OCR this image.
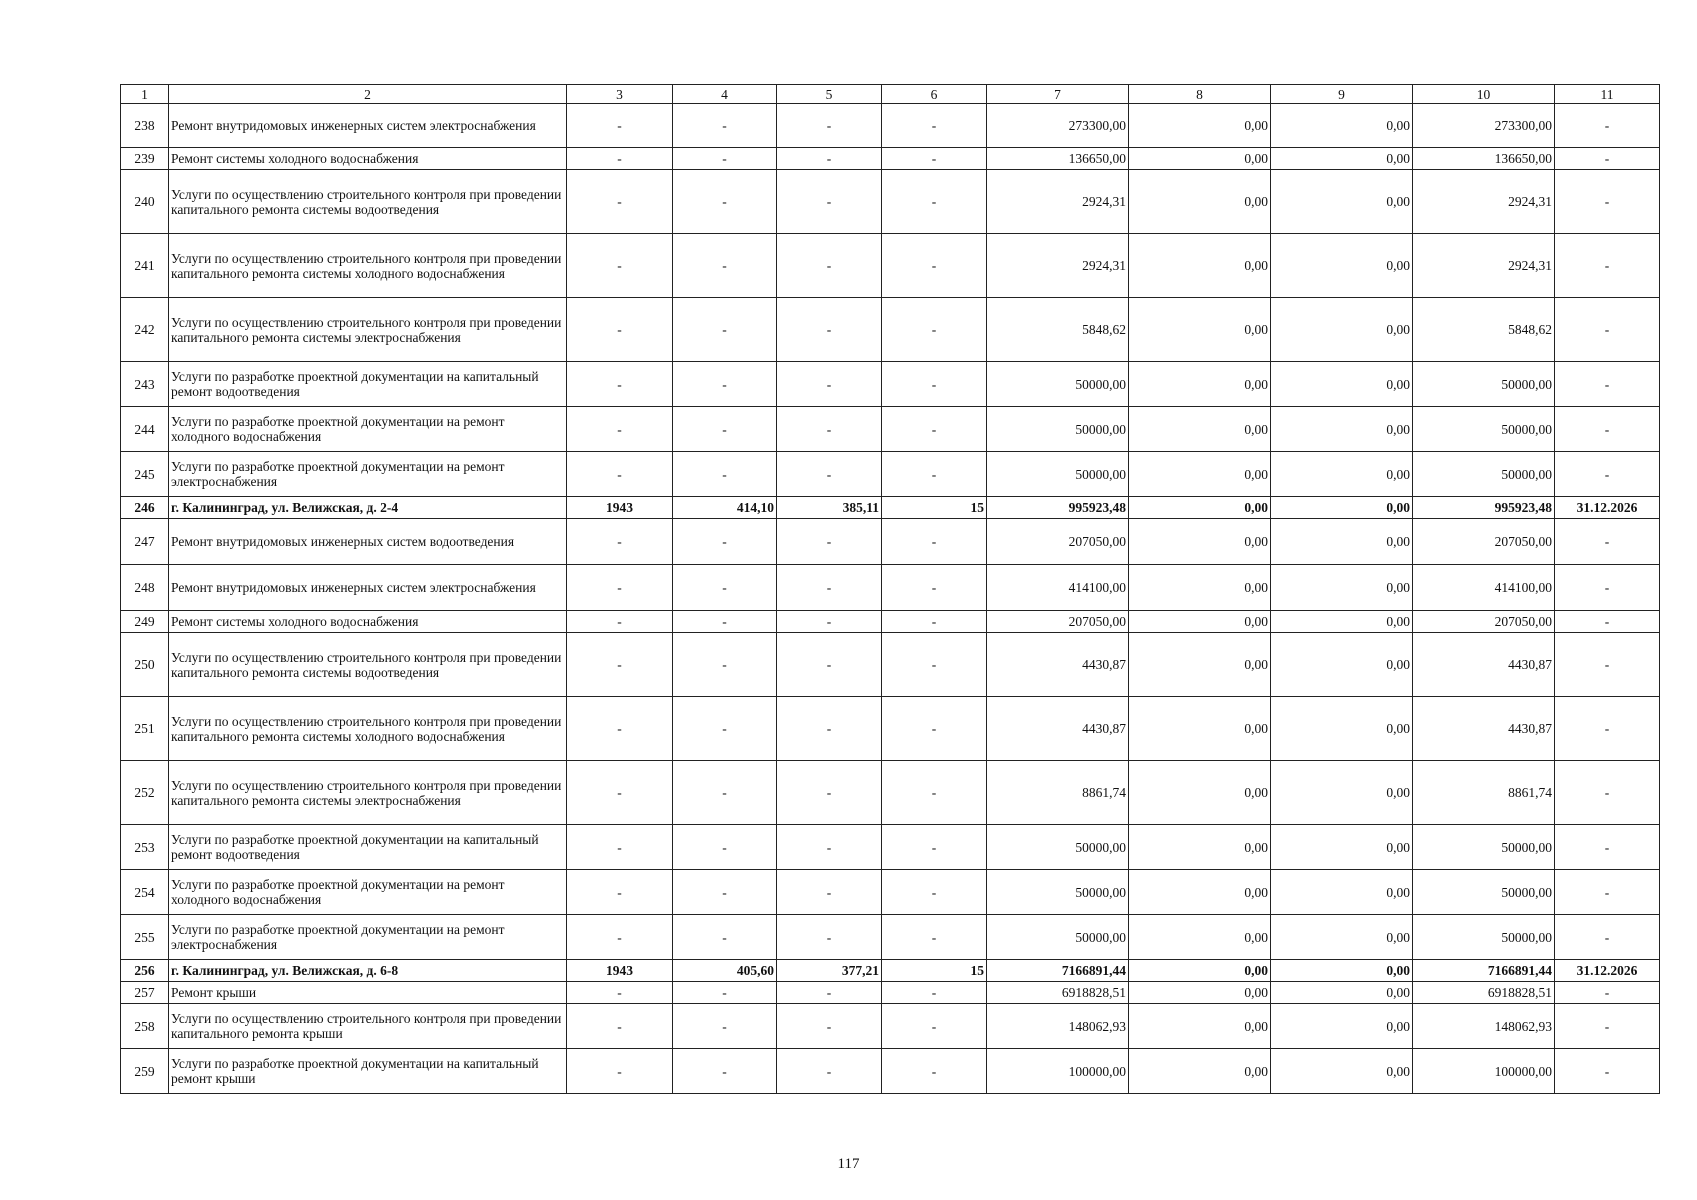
1	2	3	4	5	6	7	8	9	10	11
238	Ремонт внутридомовых инженерных систем электроснабжения	-	-	-	-	273300,00	0,00	0,00	273300,00	-
239	Ремонт системы холодного водоснабжения	-	-	-	-	136650,00	0,00	0,00	136650,00	-
240	Услуги по осуществлению строительного контроля при проведении капитального ремонта системы водоотведения	-	-	-	-	2924,31	0,00	0,00	2924,31	-
241	Услуги по осуществлению строительного контроля при проведении капитального ремонта системы холодного водоснабжения	-	-	-	-	2924,31	0,00	0,00	2924,31	-
242	Услуги по осуществлению строительного контроля при проведении капитального ремонта системы электроснабжения	-	-	-	-	5848,62	0,00	0,00	5848,62	-
243	Услуги по разработке проектной документации на капитальный ремонт водоотведения	-	-	-	-	50000,00	0,00	0,00	50000,00	-
244	Услуги по разработке проектной документации на ремонт холодного водоснабжения	-	-	-	-	50000,00	0,00	0,00	50000,00	-
245	Услуги по разработке проектной документации на ремонт электроснабжения	-	-	-	-	50000,00	0,00	0,00	50000,00	-
246	г. Калининград, ул. Велижская, д. 2-4	1943	414,10	385,11	15	995923,48	0,00	0,00	995923,48	31.12.2026
247	Ремонт внутридомовых инженерных систем водоотведения	-	-	-	-	207050,00	0,00	0,00	207050,00	-
248	Ремонт внутридомовых инженерных систем электроснабжения	-	-	-	-	414100,00	0,00	0,00	414100,00	-
249	Ремонт системы холодного водоснабжения	-	-	-	-	207050,00	0,00	0,00	207050,00	-
250	Услуги по осуществлению строительного контроля при проведении капитального ремонта системы водоотведения	-	-	-	-	4430,87	0,00	0,00	4430,87	-
251	Услуги по осуществлению строительного контроля при проведении капитального ремонта системы холодного водоснабжения	-	-	-	-	4430,87	0,00	0,00	4430,87	-
252	Услуги по осуществлению строительного контроля при проведении капитального ремонта системы электроснабжения	-	-	-	-	8861,74	0,00	0,00	8861,74	-
253	Услуги по разработке проектной документации на капитальный ремонт водоотведения	-	-	-	-	50000,00	0,00	0,00	50000,00	-
254	Услуги по разработке проектной документации на ремонт холодного водоснабжения	-	-	-	-	50000,00	0,00	0,00	50000,00	-
255	Услуги по разработке проектной документации на ремонт электроснабжения	-	-	-	-	50000,00	0,00	0,00	50000,00	-
256	г. Калининград, ул. Велижская, д. 6-8	1943	405,60	377,21	15	7166891,44	0,00	0,00	7166891,44	31.12.2026
257	Ремонт крыши	-	-	-	-	6918828,51	0,00	0,00	6918828,51	-
258	Услуги по осуществлению строительного контроля при проведении капитального ремонта крыши	-	-	-	-	148062,93	0,00	0,00	148062,93	-
259	Услуги по разработке проектной документации на капитальный ремонт крыши	-	-	-	-	100000,00	0,00	0,00	100000,00	-
117
